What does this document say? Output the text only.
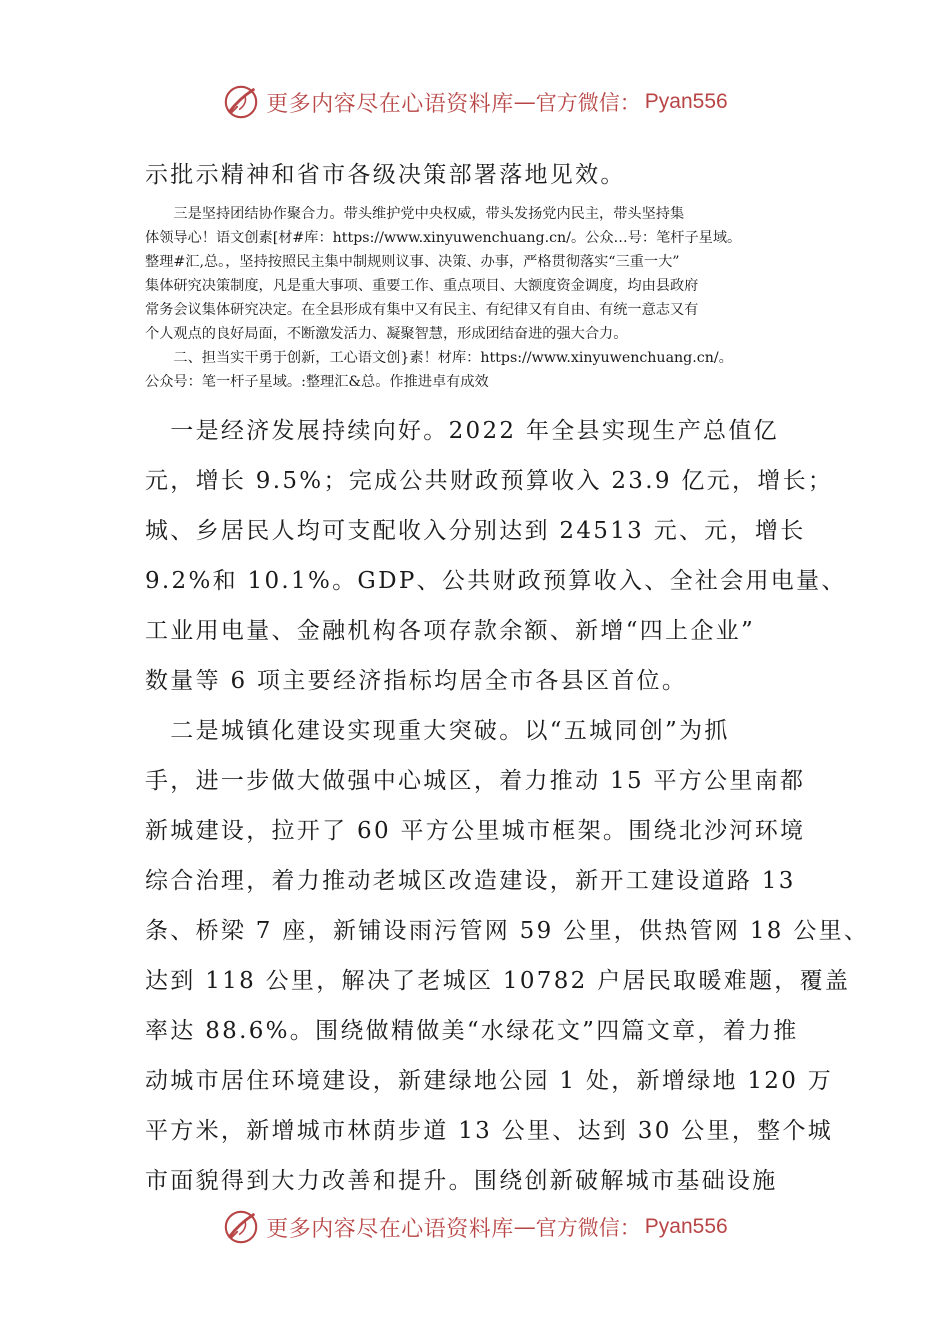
更多内容尽在心语资料库 — 官方微信： Pyan556
示批示精神和省市各级决策部署落地见效。
　　三是坚持团结协作聚合力。带头维护党中央权威，带头发扬党内民主，带头坚持集
体领导心！语文创素[材#库：https://www.xinyuwenchuang.cn/。公众…号：笔杆子星域。
整理#汇,总。，坚持按照民主集中制规则议事、决策、办事，严格贯彻落实“三重一大”
集体研究决策制度，凡是重大事项、重要工作、重点项目、大额度资金调度，均由县政府
常务会议集体研究决定。在全县形成有集中又有民主、有纪律又有自由、有统一意志又有
个人观点的良好局面，不断激发活力、凝聚智慧，形成团结奋进的强大合力。
　　二、担当实干勇于创新，工心语文创}素！材库：https://www.xinyuwenchuang.cn/。
公众号：笔一杆子星域。:整理汇&总。作推进卓有成效
　一是经济发展持续向好。2022 年全县实现生产总值亿
元，增长 9.5%；完成公共财政预算收入 23.9 亿元，增长；
城、乡居民人均可支配收入分别达到 24513 元、元，增长
9.2%和 10.1%。GDP、公共财政预算收入、全社会用电量、
工业用电量、金融机构各项存款余额、新增“四上企业”
数量等 6 项主要经济指标均居全市各县区首位。
　二是城镇化建设实现重大突破。以“五城同创”为抓
手，进一步做大做强中心城区，着力推动 15 平方公里南都
新城建设，拉开了 60 平方公里城市框架。围绕北沙河环境
综合治理，着力推动老城区改造建设，新开工建设道路 13
条、桥梁 7 座，新铺设雨污管网 59 公里，供热管网 18 公里、
达到 118 公里，解决了老城区 10782 户居民取暖难题，覆盖
率达 88.6%。围绕做精做美“水绿花文”四篇文章，着力推
动城市居住环境建设，新建绿地公园 1 处，新增绿地 120 万
平方米，新增城市林荫步道 13 公里、达到 30 公里，整个城
市面貌得到大力改善和提升。围绕创新破解城市基础设施
更多内容尽在心语资料库 — 官方微信： Pyan556
